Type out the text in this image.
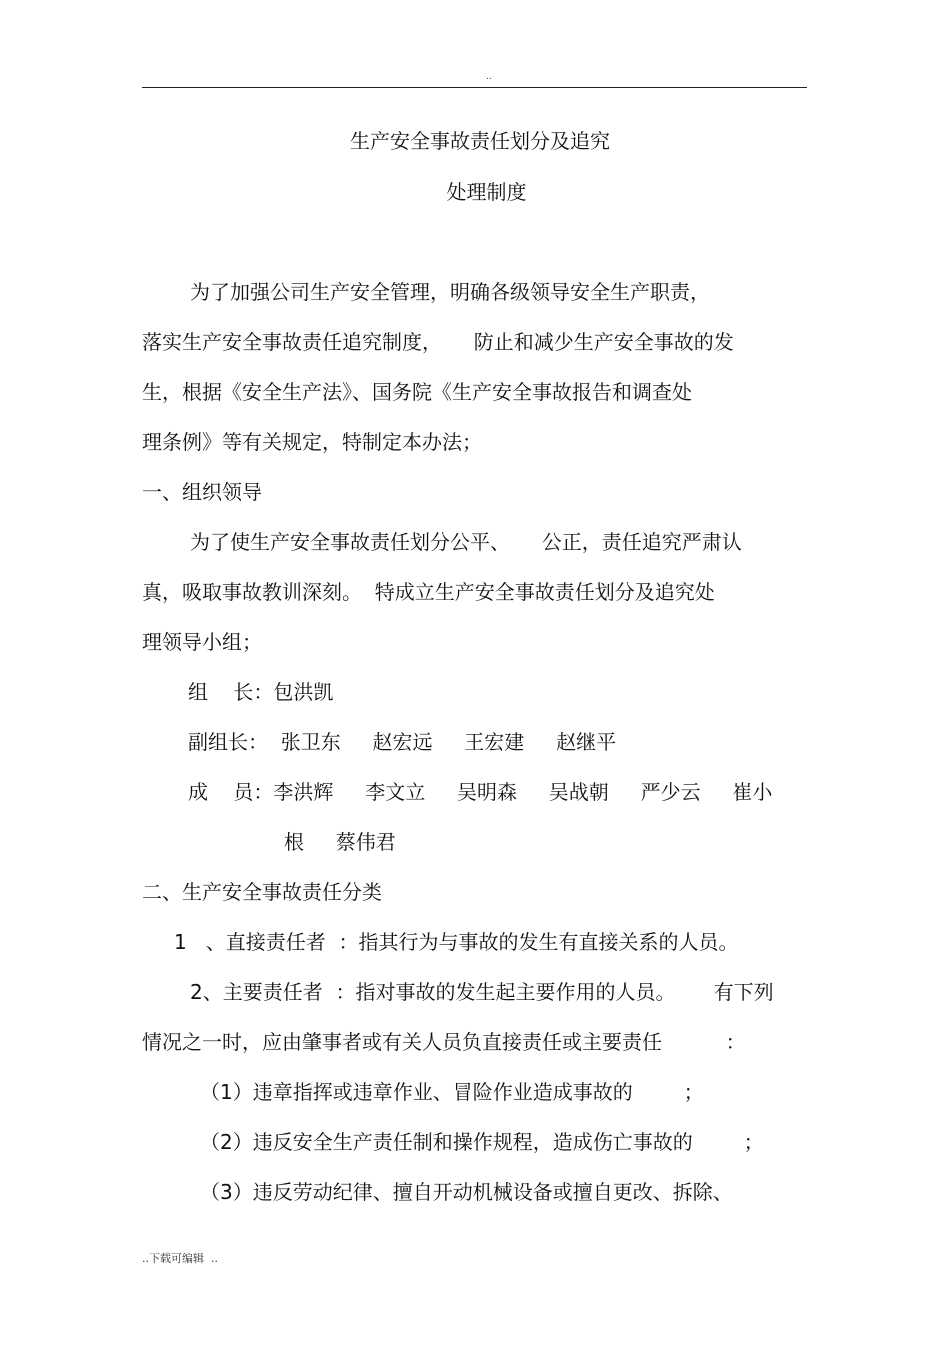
..
生产安全事故责任划分及追究
处理制度
为了加强公司生产安全管理，明确各级领导安全生产职责，
落实生产安全事故责任追究制度，     防止和减少生产安全事故的发
生，根据《安全生产法》、国务院《生产安全事故报告和调查处
理条例》等有关规定，特制定本办法；
一、组织领导
为了使生产安全事故责任划分公平、     公正，责任追究严肃认
真，吸取事故教训深刻。  特成立生产安全事故责任划分及追究处
理领导小组；
组    长：包洪凯
副组长：  张卫东     赵宏远     王宏建     赵继平
成    员：李洪辉     李文立     吴明森     吴战朝     严少云     崔小
根     蔡伟君
二、生产安全事故责任分类
1   、直接责任者  ：指其行为与事故的发生有直接关系的人员。
2、主要责任者  ：指对事故的发生起主要作用的人员。      有下列
情况之一时，应由肇事者或有关人员负直接责任或主要责任          ：
（1）违章指挥或违章作业、冒险作业造成事故的        ；
（2）违反安全生产责任制和操作规程，造成伤亡事故的        ；
（3）违反劳动纪律、擅自开动机械设备或擅自更改、拆除、
..下载可编辑  ..
